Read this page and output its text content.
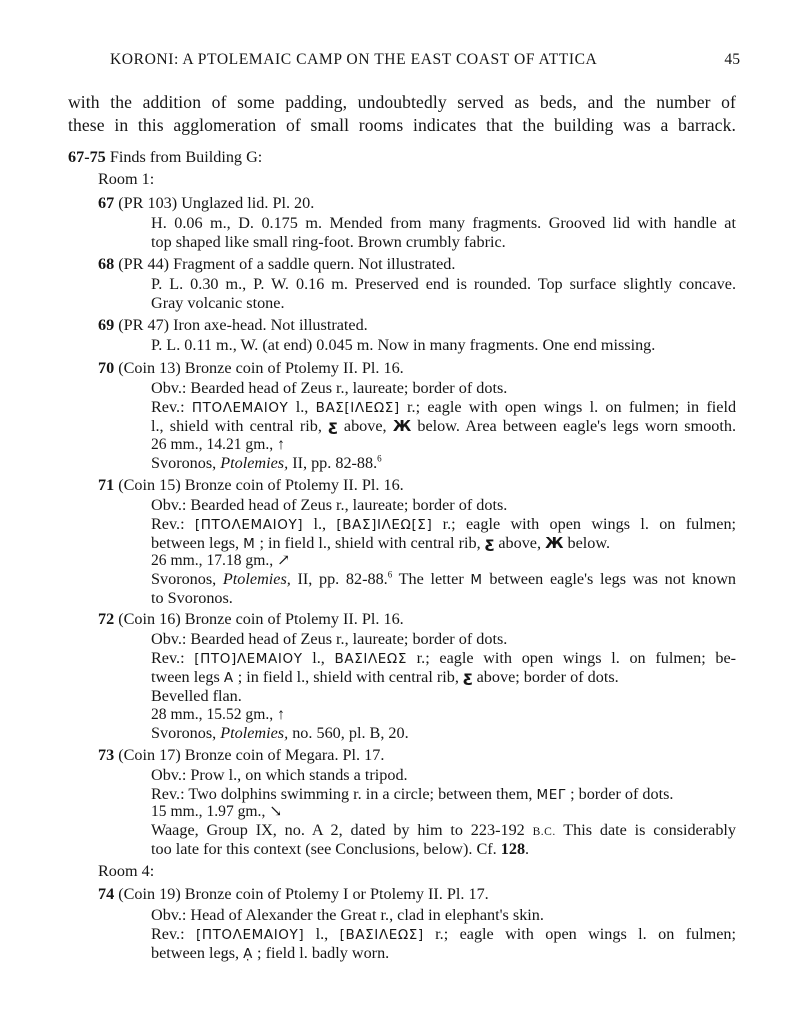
KORONI: A PTOLEMAIC CAMP ON THE EAST COAST OF ATTICA	45
with the addition of some padding, undoubtedly served as beds, and the number of
these in this agglomeration of small rooms indicates that the building was a barrack.
67-75 Finds from Building G:
Room 1:
67 (PR 103) Unglazed lid. Pl. 20.
H. 0.06 m., D. 0.175 m. Mended from many fragments. Grooved lid with handle at
top shaped like small ring-foot. Brown crumbly fabric.
68 (PR 44) Fragment of a saddle quern. Not illustrated.
P. L. 0.30 m., P. W. 0.16 m. Preserved end is rounded. Top surface slightly concave.
Gray volcanic stone.
69 (PR 47) Iron axe-head. Not illustrated.
P. L. 0.11 m., W. (at end) 0.045 m. Now in many fragments. One end missing.
70 (Coin 13) Bronze coin of Ptolemy II. Pl. 16.
Obv.: Bearded head of Zeus r., laureate; border of dots.
Rev.: ΠΤΟΛΕΜΑΙΟΥ l., ΒΑΣ[ΙΛΕΩΣ] r.; eagle with open wings l. on fulmen; in field
l., shield with central rib, ƹ above, Ж below. Area between eagle's legs worn smooth.
26 mm., 14.21 gm., ↑
Svoronos, Ptolemies, II, pp. 82-88.$^6$
71 (Coin 15) Bronze coin of Ptolemy II. Pl. 16.
Obv.: Bearded head of Zeus r., laureate; border of dots.
Rev.: [ΠΤΟΛΕΜΑΙΟΥ] l., [ΒΑΣ]ΙΛΕΩ[Σ] r.; eagle with open wings l. on fulmen;
between legs, Μ ; in field l., shield with central rib, ƹ above, Ж below.
26 mm., 17.18 gm., ↗
Svoronos, Ptolemies, II, pp. 82-88.$^6$ The letter Μ between eagle's legs was not known
to Svoronos.
72 (Coin 16) Bronze coin of Ptolemy II. Pl. 16.
Obv.: Bearded head of Zeus r., laureate; border of dots.
Rev.: [ΠΤΟ]ΛΕΜΑΙΟΥ l., ΒΑΣΙΛΕΩΣ r.; eagle with open wings l. on fulmen; be-
tween legs Α ; in field l., shield with central rib, ƹ above; border of dots.
Bevelled flan.
28 mm., 15.52 gm., ↑
Svoronos, Ptolemies, no. 560, pl. B, 20.
73 (Coin 17) Bronze coin of Megara. Pl. 17.
Obv.: Prow l., on which stands a tripod.
Rev.: Two dolphins swimming r. in a circle; between them, ΜΕΓ ; border of dots.
15 mm., 1.97 gm., ↘
Waage, Group IX, no. A 2, dated by him to 223-192 B.C. This date is considerably
too late for this context (see Conclusions, below). Cf. 128.
Room 4:
74 (Coin 19) Bronze coin of Ptolemy I or Ptolemy II. Pl. 17.
Obv.: Head of Alexander the Great r., clad in elephant's skin.
Rev.: [ΠΤΟΛΕΜΑΙΟΥ] l., [ΒΑΣΙΛΕΩΣ] r.; eagle with open wings l. on fulmen;
between legs, Ạ ; field l. badly worn.
